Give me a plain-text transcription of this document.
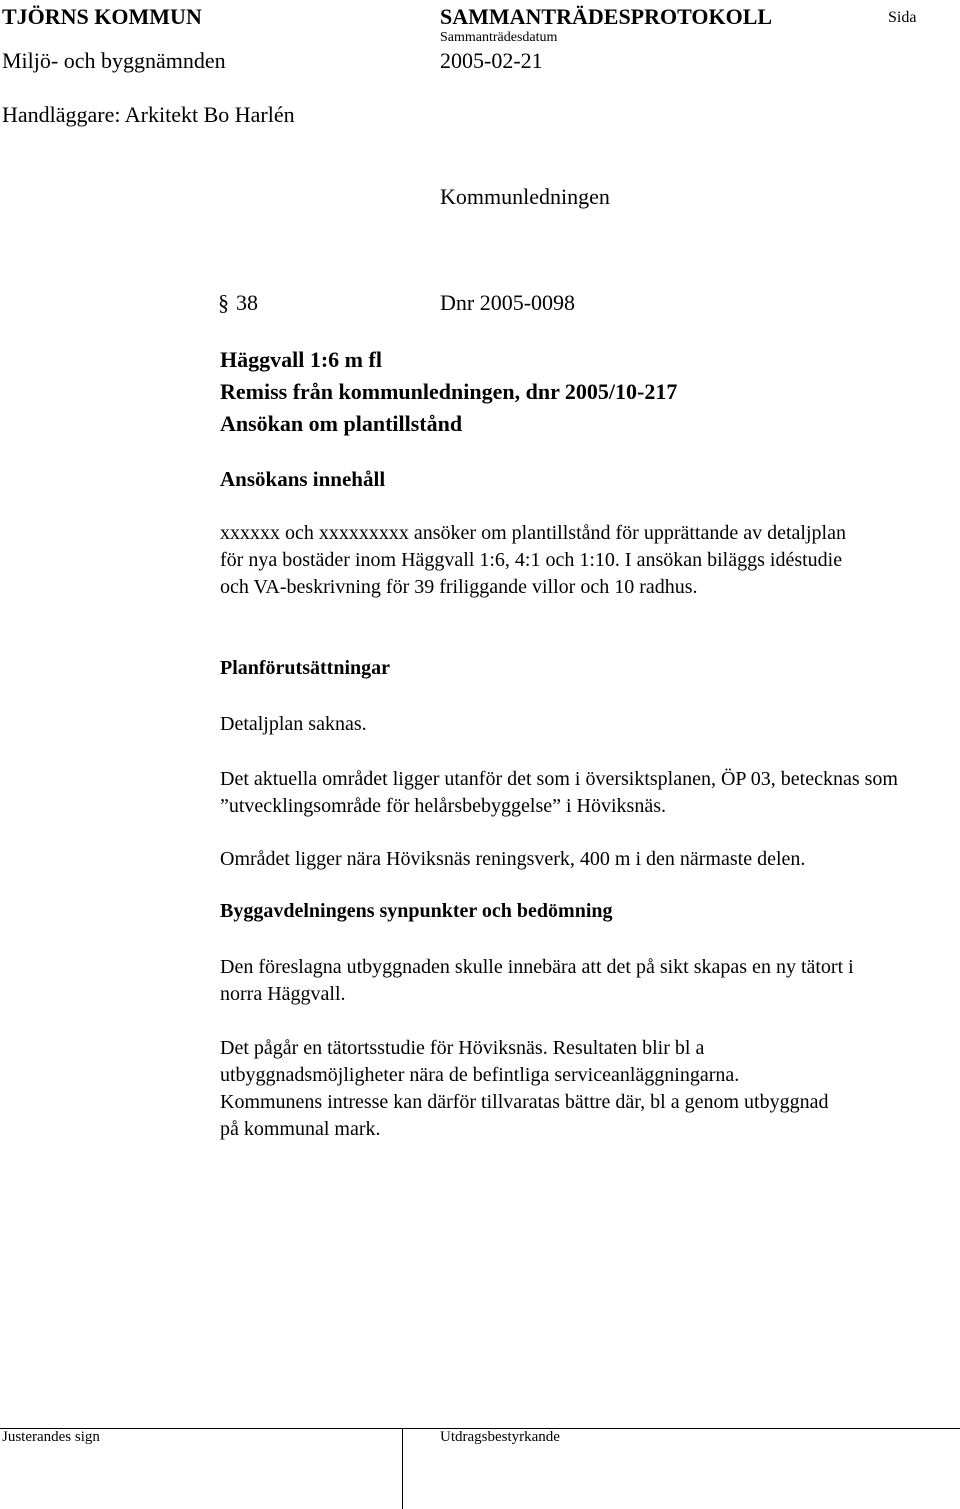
TJÖRNS KOMMUN	SAMMANTRÄDESPROTOKOLL	Sida
Sammanträdesdatum
Miljö- och byggnämnden	2005-02-21
Handläggare: Arkitekt Bo Harlén
Kommunledningen
§ 38	Dnr 2005-0098
Häggvall 1:6 m fl
Remiss från kommunledningen, dnr 2005/10-217
Ansökan om plantillstånd
Ansökans innehåll
xxxxxx och xxxxxxxxx ansöker om plantillstånd för upprättande av detaljplan för nya bostäder inom Häggvall 1:6, 4:1 och 1:10. I ansökan biläggs idéstudie och VA-beskrivning för 39 friliggande villor och 10 radhus.
Planförutsättningar
Detaljplan saknas.
Det aktuella området ligger utanför det som i översiktsplanen, ÖP 03, betecknas som ”utvecklingsområde för helårsbebyggelse” i Höviksnäs.
Området ligger nära Höviksnäs reningsverk, 400 m i den närmaste delen.
Byggavdelningens synpunkter och bedömning
Den föreslagna utbyggnaden skulle innebära att det på sikt skapas en ny tätort i norra Häggvall.
Det pågår en tätortsstudie för Höviksnäs. Resultaten blir bl a utbyggnadsmöjligheter nära de befintliga serviceanläggningarna. Kommunens intresse kan därför tillvaratas bättre där, bl a genom utbyggnad på kommunal mark.
Justerandes sign	Utdragsbestyrkande
